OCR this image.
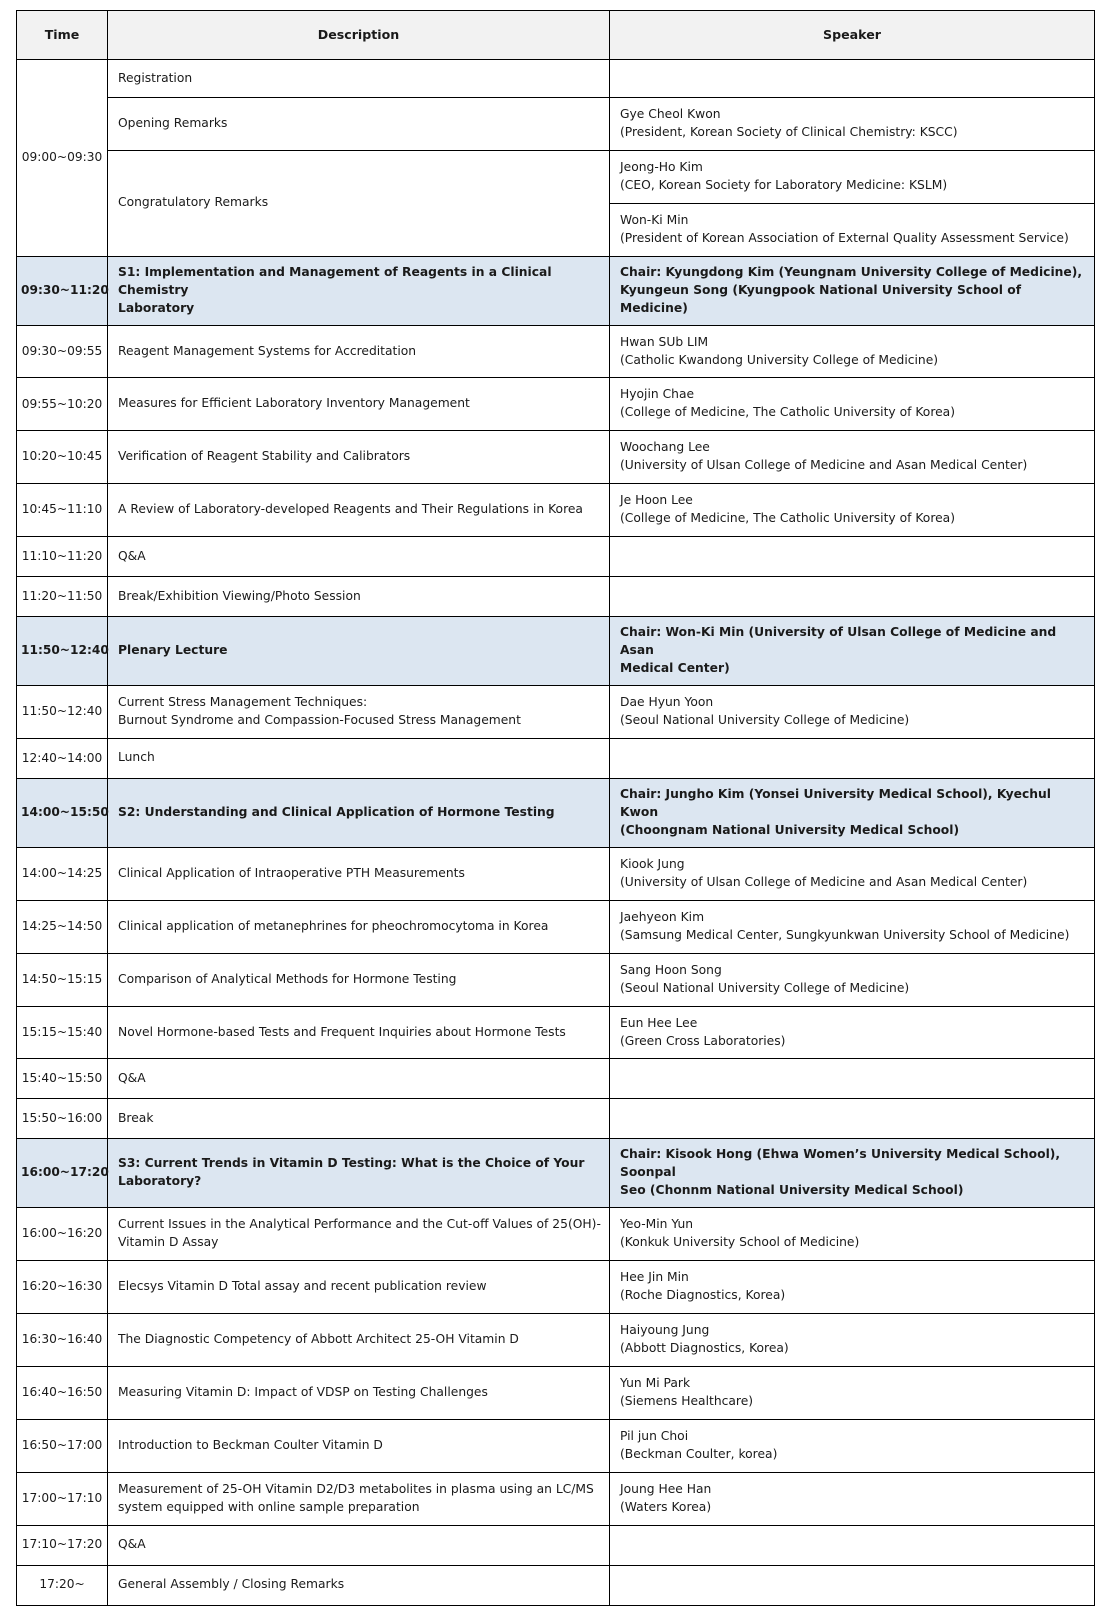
Time	Description	Speaker
09:00~09:30	Registration	

	Opening Remarks	Gye Cheol Kwon
(President, Korean Society of Clinical Chemistry: KSCC)

	Congratulatory Remarks	Jeong-Ho Kim
(CEO, Korean Society for Laboratory Medicine: KSLM)

		Won-Ki Min
(President of Korean Association of External Quality Assessment Service)

09:30~11:20	S1: Implementation and Management of Reagents in a Clinical Chemistry
Laboratory	Chair: Kyungdong Kim (Yeungnam University College of Medicine),
Kyungeun Song (Kyungpook National University School of Medicine)

09:30~09:55	Reagent Management Systems for Accreditation	Hwan SUb LIM
(Catholic Kwandong University College of Medicine)

09:55~10:20	Measures for Efficient Laboratory Inventory Management	Hyojin Chae
(College of Medicine, The Catholic University of Korea)

10:20~10:45	Verification of Reagent Stability and Calibrators	Woochang Lee
(University of Ulsan College of Medicine and Asan Medical Center)

10:45~11:10	A Review of Laboratory-developed Reagents and Their Regulations in Korea	Je Hoon Lee
(College of Medicine, The Catholic University of Korea)

11:10~11:20	Q&A	

11:20~11:50	Break/Exhibition Viewing/Photo Session	

11:50~12:40	Plenary Lecture	Chair: Won-Ki Min (University of Ulsan College of Medicine and Asan
Medical Center)

11:50~12:40	Current Stress Management Techniques:
Burnout Syndrome and Compassion-Focused Stress Management	Dae Hyun Yoon
(Seoul National University College of Medicine)

12:40~14:00	Lunch	

14:00~15:50	S2: Understanding and Clinical Application of Hormone Testing	Chair: Jungho Kim (Yonsei University Medical School), Kyechul Kwon
(Choongnam National University Medical School)

14:00~14:25	Clinical Application of Intraoperative PTH Measurements	Kiook Jung
(University of Ulsan College of Medicine and Asan Medical Center)

14:25~14:50	Clinical application of metanephrines for pheochromocytoma in Korea	Jaehyeon Kim
(Samsung Medical Center, Sungkyunkwan University School of Medicine)

14:50~15:15	Comparison of Analytical Methods for Hormone Testing	Sang Hoon Song
(Seoul National University College of Medicine)

15:15~15:40	Novel Hormone-based Tests and Frequent Inquiries about Hormone Tests	Eun Hee Lee
(Green Cross Laboratories)

15:40~15:50	Q&A	

15:50~16:00	Break	

16:00~17:20	S3: Current Trends in Vitamin D Testing: What is the Choice of Your
Laboratory?	Chair: Kisook Hong (Ehwa Women’s University Medical School), Soonpal
Seo (Chonnm National University Medical School)

16:00~16:20	Current Issues in the Analytical Performance and the Cut-off Values of 25(OH)-
Vitamin D Assay	Yeo-Min Yun
(Konkuk University School of Medicine)

16:20~16:30	Elecsys Vitamin D Total assay and recent publication review	Hee Jin Min
(Roche Diagnostics, Korea)

16:30~16:40	The Diagnostic Competency of Abbott Architect 25-OH Vitamin D	Haiyoung Jung
(Abbott Diagnostics, Korea)

16:40~16:50	Measuring Vitamin D: Impact of VDSP on Testing Challenges	Yun Mi Park
(Siemens Healthcare)

16:50~17:00	Introduction to Beckman Coulter Vitamin D	Pil jun Choi
(Beckman Coulter, korea)

17:00~17:10	Measurement of 25-OH Vitamin D2/D3 metabolites in plasma using an LC/MS
system equipped with online sample preparation	Joung Hee Han
(Waters Korea)

17:10~17:20	Q&A	

17:20~	General Assembly / Closing Remarks	
